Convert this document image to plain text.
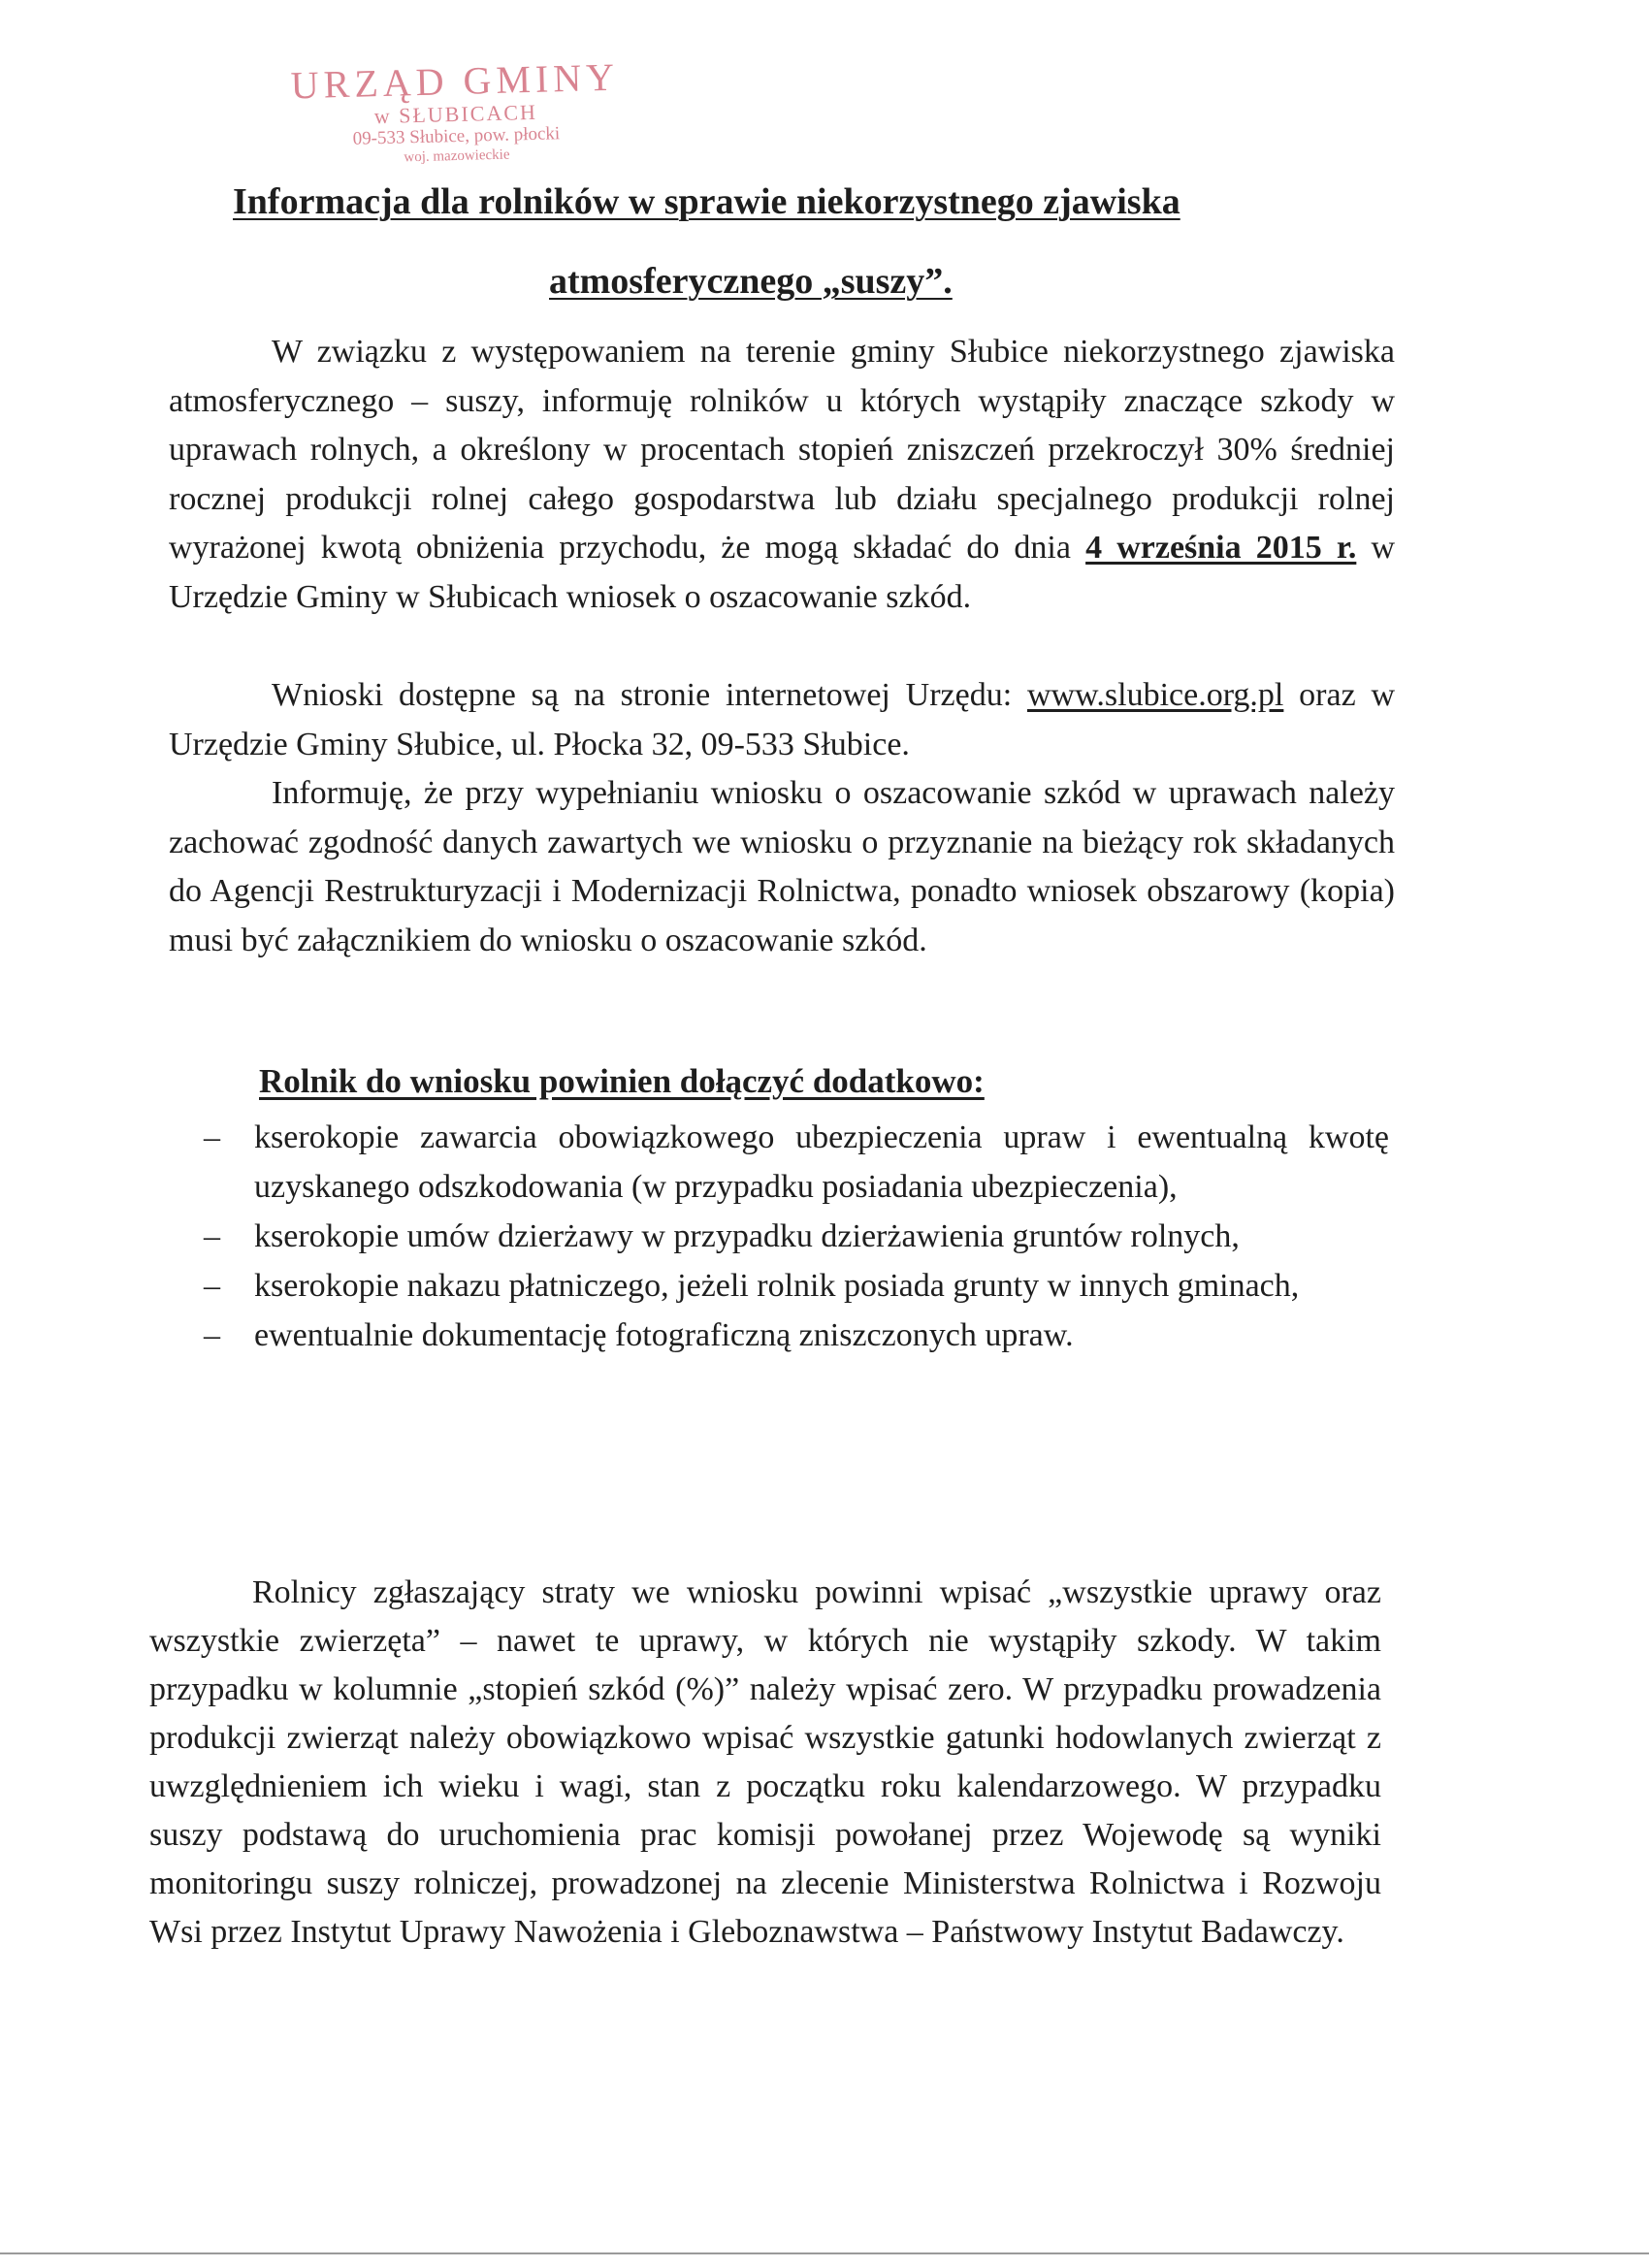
URZĄD GMINY
w SŁUBICACH
09-533 Słubice, pow. płocki
woj. mazowieckie
Informacja dla rolników w sprawie niekorzystnego zjawiska
atmosferycznego „suszy”.

W związku z występowaniem na terenie gminy Słubice niekorzystnego zjawiska atmosferycznego – suszy, informuję rolników u których wystąpiły znaczące szkody w uprawach rolnych, a określony w procentach stopień zniszczeń przekroczył 30% średniej rocznej produkcji rolnej całego gospodarstwa lub działu specjalnego produkcji rolnej wyrażonej kwotą obniżenia przychodu, że mogą składać do dnia 4 września 2015 r. w Urzędzie Gminy w Słubicach wniosek o oszacowanie szkód.

Wnioski dostępne są na stronie internetowej Urzędu: www.slubice.org.pl oraz w Urzędzie Gminy Słubice, ul. Płocka 32, 09-533 Słubice.

Informuję, że przy wypełnianiu wniosku o oszacowanie szkód w uprawach należy zachować zgodność danych zawartych we wniosku o przyznanie na bieżący rok składanych do Agencji Restrukturyzacji i Modernizacji Rolnictwa, ponadto wniosek obszarowy (kopia) musi być załącznikiem do wniosku o oszacowanie szkód.

Rolnik do wniosku powinien dołączyć dodatkowo:
– kserokopie zawarcia obowiązkowego ubezpieczenia upraw i ewentualną kwotę uzyskanego odszkodowania (w przypadku posiadania ubezpieczenia),
– kserokopie umów dzierżawy w przypadku dzierżawienia gruntów rolnych,
– kserokopie nakazu płatniczego, jeżeli rolnik posiada grunty w innych gminach,
– ewentualnie dokumentację fotograficzną zniszczonych upraw.

Rolnicy zgłaszający straty we wniosku powinni wpisać „wszystkie uprawy oraz wszystkie zwierzęta” – nawet te uprawy, w których nie wystąpiły szkody. W takim przypadku w kolumnie „stopień szkód (%)” należy wpisać zero. W przypadku prowadzenia produkcji zwierząt należy obowiązkowo wpisać wszystkie gatunki hodowlanych zwierząt z uwzględnieniem ich wieku i wagi, stan z początku roku kalendarzowego. W przypadku suszy podstawą do uruchomienia prac komisji powołanej przez Wojewodę są wyniki monitoringu suszy rolniczej, prowadzonej na zlecenie Ministerstwa Rolnictwa i Rozwoju Wsi przez Instytut Uprawy Nawożenia i Gleboznawstwa – Państwowy Instytut Badawczy.
